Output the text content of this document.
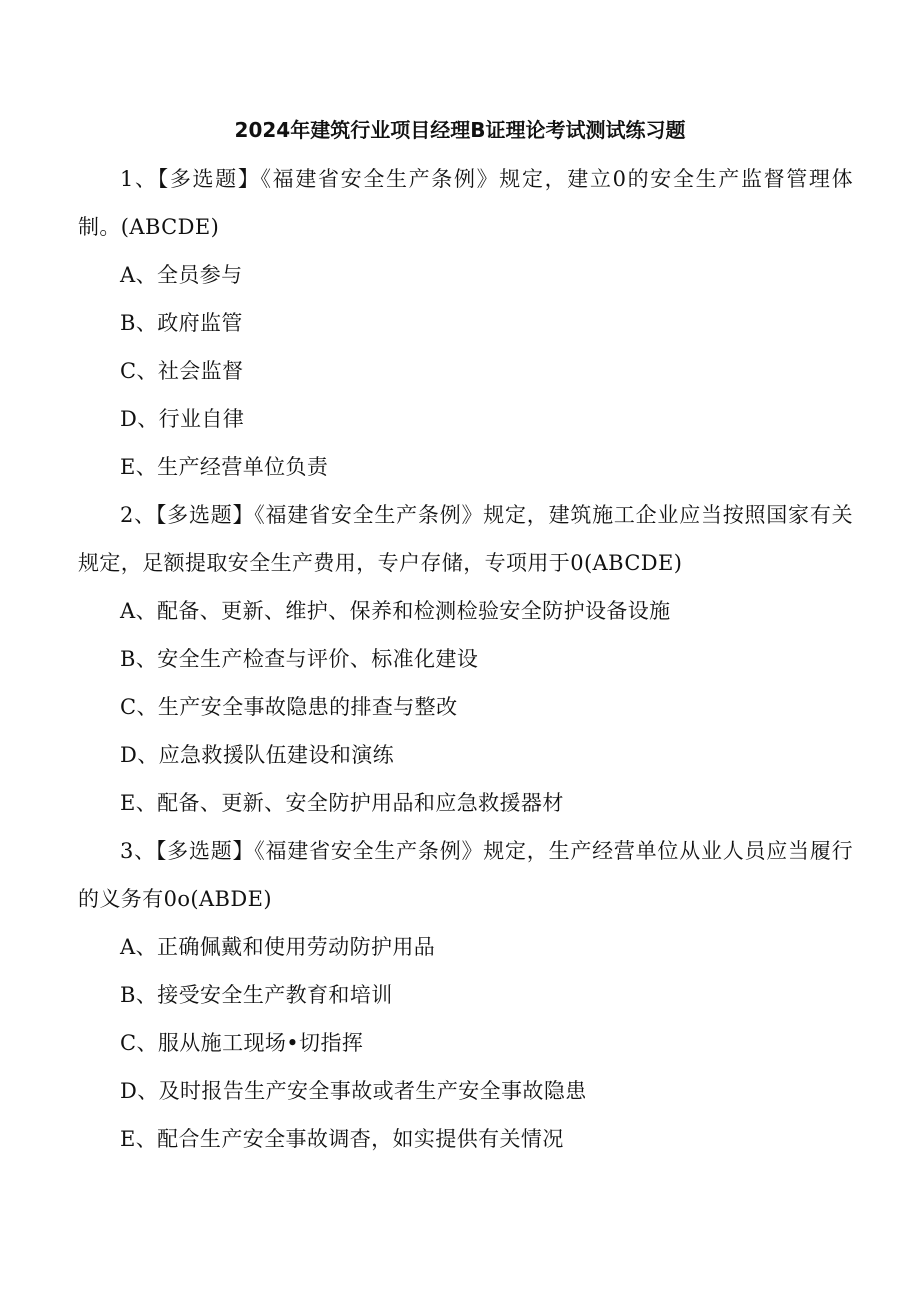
2024年建筑行业项目经理B证理论考试测试练习题

1、【多选题】《福建省安全生产条例》规定，建立0的安全生产监督管理体制。(ABCDE)

A、全员参与

B、政府监管

C、社会监督

D、行业自律

E、生产经营单位负责

2、【多选题】《福建省安全生产条例》规定，建筑施工企业应当按照国家有关规定，足额提取安全生产费用，专户存储，专项用于0(ABCDE)

A、配备、更新、维护、保养和检测检验安全防护设备设施

B、安全生产检查与评价、标准化建设

C、生产安全事故隐患的排查与整改

D、应急救援队伍建设和演练

E、配备、更新、安全防护用品和应急救援器材

3、【多选题】《福建省安全生产条例》规定，生产经营单位从业人员应当履行的义务有0o(ABDE)

A、正确佩戴和使用劳动防护用品

B、接受安全生产教育和培训

C、服从施工现场•切指挥

D、及时报告生产安全事故或者生产安全事故隐患

E、配合生产安全事故调杳，如实提供有关情况
